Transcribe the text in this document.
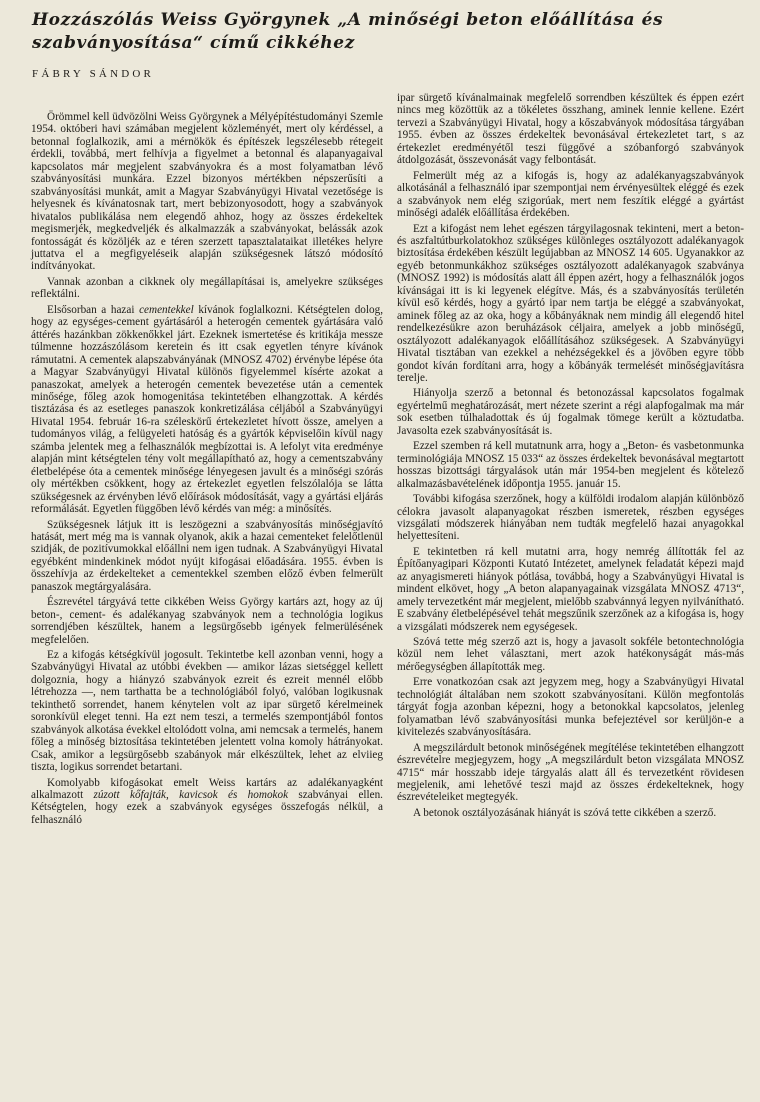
Hozzászólás Weiss Györgynek „A minőségi beton előállítása és szabványosítása“ című cikkéhez
FÁBRY SÁNDOR

Örömmel kell üdvözölni Weiss Györgynek a Mélyépítéstudományi Szemle 1954. októberi havi számában megjelent közleményét, mert oly kérdéssel, a betonnal foglalkozik, ami a mérnökök és építészek legszélesebb rétegeit érdekli, továbbá, mert felhívja a figyelmet a betonnal és alapanyagaival kapcsolatos már megjelent szabványokra és a most folyamatban lévő szabványosítási munkára. Ezzel bizonyos mértékben népszerűsíti a szabványosítási munkát, amit a Magyar Szabványügyi Hivatal vezetősége is helyesnek és kívánatosnak tart, mert bebizonyosodott, hogy a szabványok hivatalos publikálása nem elegendő ahhoz, hogy az összes érdekeltek megismerjék, megkedveljék és alkalmazzák a szabványokat, belássák azok fontosságát és közöljék az e téren szerzett tapasztalataikat illetékes helyre juttatva el a megfigyeléseik alapján szükségesnek látszó módosító indítványokat.

Vannak azonban a cikknek oly megállapításai is, amelyekre szükséges reflektálni.

Elsősorban a hazai cementekkel kívánok foglalkozni. Kétségtelen dolog, hogy az egységes-cement gyártásáról a heterogén cementek gyártására való áttérés hazánkban zökkenőkkel járt. Ezeknek ismertetése és kritikája messze túlmenne hozzászólásom keretein és itt csak egyetlen tényre kívánok rámutatni. A cementek alapszabványának (MNOSZ 4702) érvénybe lépése óta a Magyar Szabványügyi Hivatal különös figyelemmel kísérte azokat a panaszokat, amelyek a heterogén cementek bevezetése után a cementek minősége, főleg azok homogenitása tekintetében elhangzottak. A kérdés tisztázása és az esetleges panaszok konkretizálása céljából a Szabványügyi Hivatal 1954. február 16-ra széleskörű értekezletet hívott össze, amelyen a tudományos világ, a felügyeleti hatóság és a gyártók képviselőin kívül nagy számba jelentek meg a felhasználók megbízottai is. A lefolyt vita eredménye alapján mint kétségtelen tény volt megállapítható az, hogy a cementszabvány életbelépése óta a cementek minősége lényegesen javult és a minőségi szórás oly mértékben csökkent, hogy az értekezlet egyetlen felszólalója se látta szükségesnek az érvényben lévő előírások módosítását, vagy a gyártási eljárás reformálását. Egyetlen függőben lévő kérdés van még: a minősítés.

Szükségesnek látjuk itt is leszögezni a szabványosítás minőségjavító hatását, mert még ma is vannak olyanok, akik a hazai cementeket felelőtlenül szidják, de pozitívumokkal előállni nem igen tudnak. A Szabványügyi Hivatal egyébként mindenkinek módot nyújt kifogásai előadására. 1955. évben is összehívja az érdekelteket a cementekkel szemben előző évben felmerült panaszok megtárgyalására.

Észrevétel tárgyává tette cikkében Weiss György kartárs azt, hogy az új beton-, cement- és adalékanyag szabványok nem a technológia logikus sorrendjében készültek, hanem a legsürgősebb igények felmerülésének megfelelően.

Ez a kifogás kétségkívül jogosult. Tekintetbe kell azonban venni, hogy a Szabványügyi Hivatal az utóbbi években — amikor lázas sietséggel kellett dolgoznia, hogy a hiányzó szabványok ezreit és ezreit mennél előbb létrehozza —, nem tarthatta be a technológiából folyó, valóban logikusnak tekinthető sorrendet, hanem kénytelen volt az ipar sürgető kérelmeinek soronkívül eleget tenni. Ha ezt nem teszi, a termelés szempontjából fontos szabványok alkotása évekkel eltolódott volna, ami nemcsak a termelés, hanem főleg a minőség biztosítása tekintetében jelentett volna komoly hátrányokat. Csak, amikor a legsürgősebb szabányok már elkészültek, lehet az elviieg tiszta, logikus sorrendet betartani.

Komolyabb kifogásokat emelt Weiss kartárs az adalékanyagként alkalmazott zúzott kőfajták, kavicsok és homokok szabványai ellen. Kétségtelen, hogy ezek a szabványok egységes összefogás nélkül, a felhasználó

ipar sürgető kívánalmainak megfelelő sorrendben készültek és éppen ezért nincs meg közöttük az a tökéletes összhang, aminek lennie kellene. Ezért tervezi a Szabványügyi Hivatal, hogy a kőszabványok módosítása tárgyában 1955. évben az összes érdekeltek bevonásával értekezletet tart, s az értekezlet eredményétől teszi függővé a szóbanforgó szabványok átdolgozását, összevonását vagy felbontását.

Felmerült még az a kifogás is, hogy az adalékanyagszabványok alkotásánál a felhasználó ipar szempontjai nem érvényesültek eléggé és ezek a szabványok nem elég szigorúak, mert nem feszítik eléggé a gyártást minőségi adalék előállítása érdekében.

Ezt a kifogást nem lehet egészen tárgyilagosnak tekinteni, mert a beton- és aszfaltútburkolatokhoz szükséges különleges osztályozott adalékanyagok biztosítása érdekében készült legújabban az MNOSZ 14 605. Ugyanakkor az egyéb betonmunkákhoz szükséges osztályozott adalékanyagok szabványa (MNOSZ 1992) is módosítás alatt áll éppen azért, hogy a felhasználók jogos kívánságai itt is ki legyenek elégítve. Más, és a szabványosítás területén kívül eső kérdés, hogy a gyártó ipar nem tartja be eléggé a szabványokat, aminek főleg az az oka, hogy a kőbányáknak nem mindig áll elegendő hitel rendelkezésükre azon beruházások céljaira, amelyek a jobb minőségű, osztályozott adalékanyagok előállításához szükségesek. A Szabványügyi Hivatal tisztában van ezekkel a nehézségekkel és a jövőben egyre több gondot kíván fordítani arra, hogy a kőbányák termelését minőségjavításra terelje.

Hiányolja szerző a betonnal és betonozással kapcsolatos fogalmak egyértelmű meghatározását, mert nézete szerint a régi alapfogalmak ma már sok esetben túlhaladottak és új fogalmak tömege került a köztudatba. Javasolta ezek szabványosítását is.

Ezzel szemben rá kell mutatnunk arra, hogy a „Beton- és vasbetonmunka terminológiája MNOSZ 15 033“ az összes érdekeltek bevonásával megtartott hosszas bizottsági tárgyalások után már 1954-ben megjelent és kötelező alkalmazásbavételének időpontja 1955. január 15.

További kifogása szerzőnek, hogy a külföldi irodalom alapján különböző célokra javasolt alapanyagokat részben ismeretek, részben egységes vizsgálati módszerek hiányában nem tudták megfelelő hazai anyagokkal helyettesíteni.

E tekintetben rá kell mutatni arra, hogy nemrég állították fel az Építőanyagipari Központi Kutató Intézetet, amelynek feladatát képezi majd az anyagismereti hiányok pótlása, továbbá, hogy a Szabványügyi Hivatal is mindent elkövet, hogy „A beton alapanyagainak vizsgálata MNOSZ 4713“, amely tervezetként már megjelent, mielőbb szabvánnyá legyen nyilvánítható. E szabvány életbelépésével tehát megszűnik szerzőnek az a kifogása is, hogy a vizsgálati módszerek nem egységesek.

Szóvá tette még szerző azt is, hogy a javasolt sokféle betontechnológia közül nem lehet választani, mert azok hatékonyságát más-más mérőegységben állapították meg.

Erre vonatkozóan csak azt jegyzem meg, hogy a Szabványügyi Hivatal technológiát általában nem szokott szabványosítani. Külön megfontolás tárgyát fogja azonban képezni, hogy a betonokkal kapcsolatos, jelenleg folyamatban lévő szabványosítási munka befejeztével sor kerüljön-e a kivitelezés szabványosítására.

A megszilárdult betonok minőségének megítélése tekintetében elhangzott észrevételre megjegyzem, hogy „A megszilárdult beton vizsgálata MNOSZ 4715“ már hosszabb ideje tárgyalás alatt áll és tervezetként rövidesen megjelenik, ami lehetővé teszi majd az összes érdekelteknek, hogy észrevételeiket megtegyék.

A betonok osztályozásának hiányát is szóvá tette cikkében a szerző.
